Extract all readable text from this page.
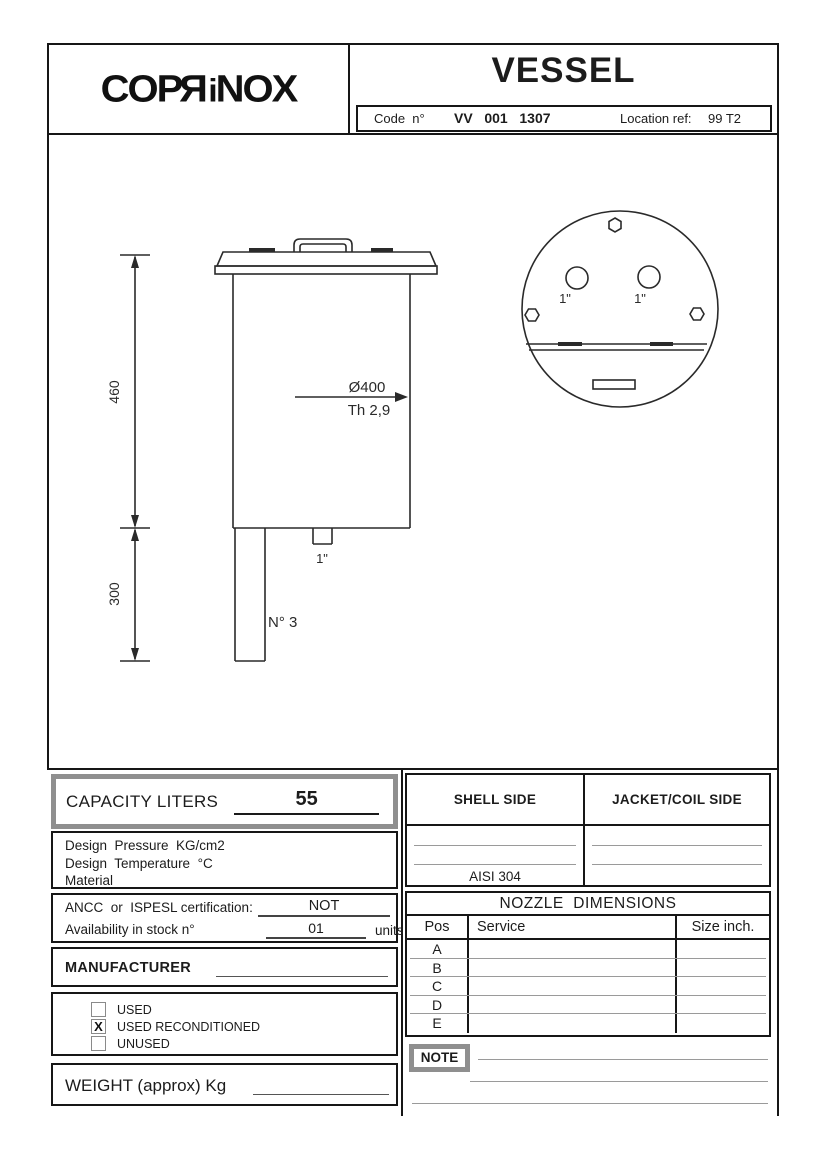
COP R i NOX	VESSEL
Code  n° VV   001   1307	Location ref: 99 T2
460
300
1"
N° 3
Ø400
Th 2,9
1"	1"
CAPACITY LITERS	55
Design  Pressure  KG/cm2
Design  Temperature  °C
Material
SHELL SIDE	JACKET/COIL SIDE
AISI 304
ANCC  or  ISPESL certification:	NOT
Availability in stock n°	01	units
MANUFACTURER
USED
X USED RECONDITIONED
UNUSED
WEIGHT (approx) Kg
NOZZLE  DIMENSIONS
Pos	Service	Size inch.
A
B
C
D
E
NOTE
